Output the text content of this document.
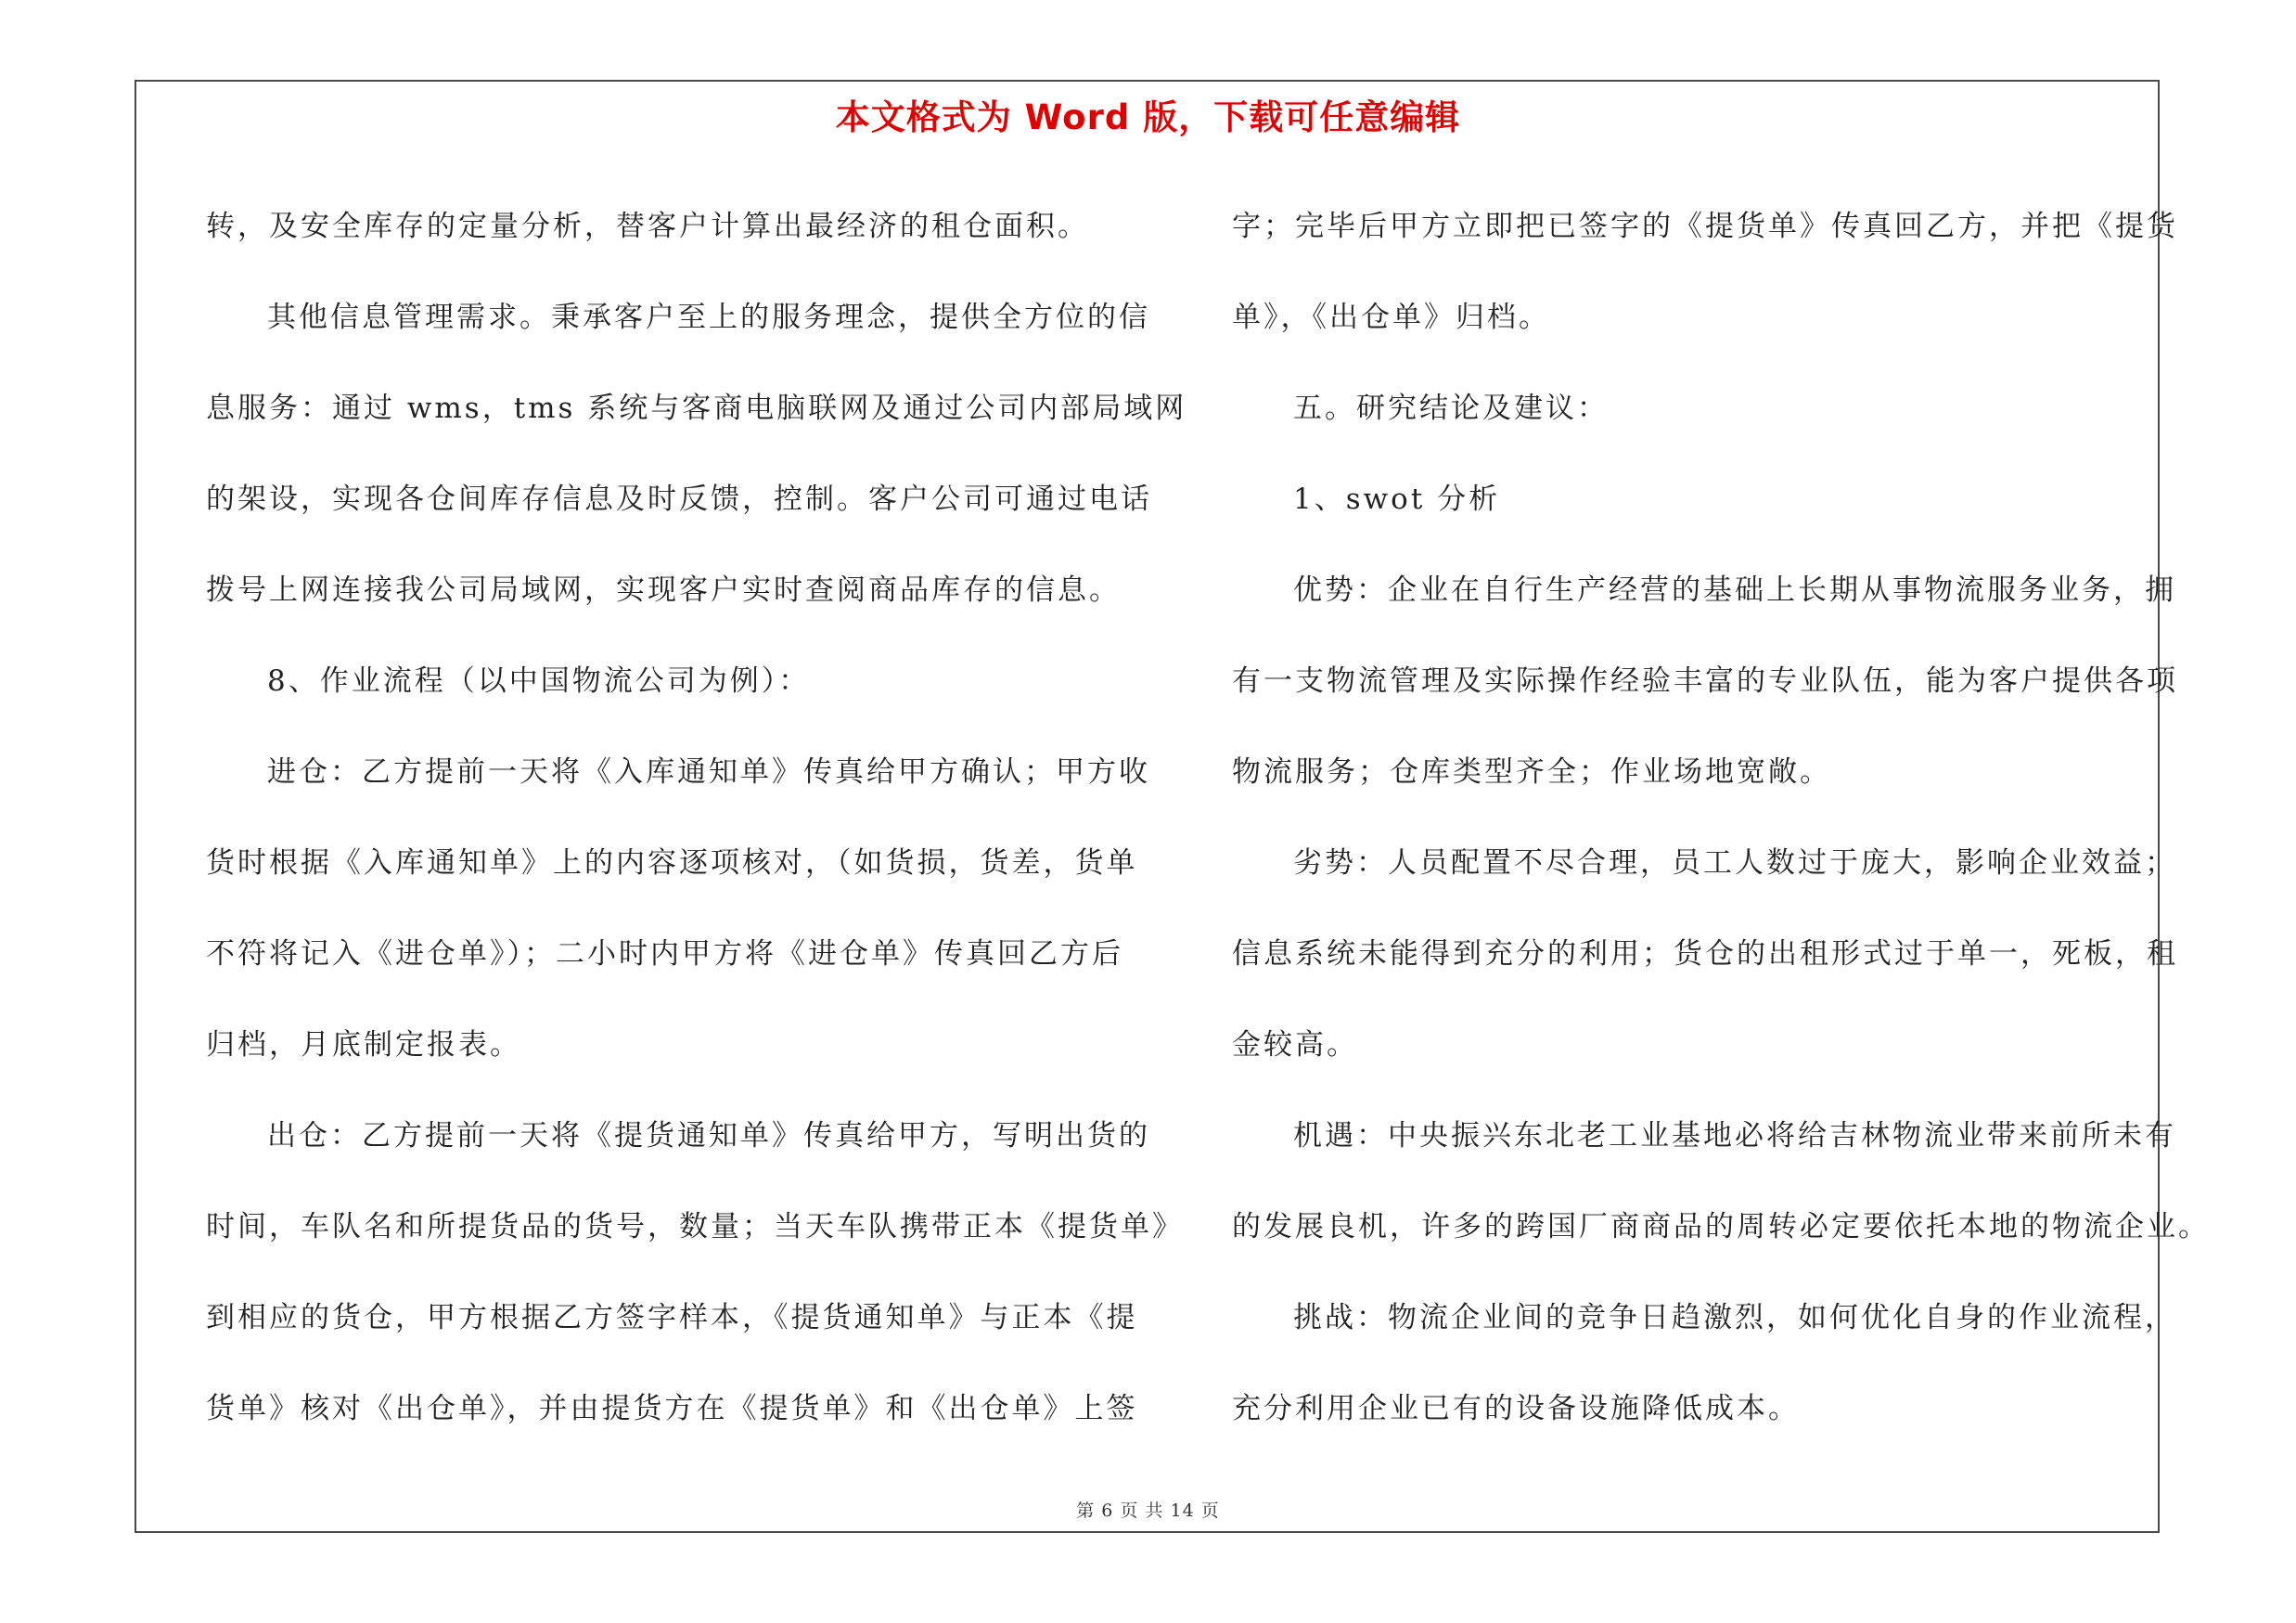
本文格式为 Word 版，下载可任意编辑

转，及安全库存的定量分析，替客户计算出最经济的租仓面积。

其他信息管理需求。秉承客户至上的服务理念，提供全方位的信

息服务：通过 wms，tms 系统与客商电脑联网及通过公司内部局域网

的架设，实现各仓间库存信息及时反馈，控制。客户公司可通过电话

拨号上网连接我公司局域网，实现客户实时查阅商品库存的信息。

8、作业流程（以中国物流公司为例）：

进仓：乙方提前一天将《入库通知单》传真给甲方确认；甲方收

货时根据《入库通知单》上的内容逐项核对，（如货损，货差，货单

不符将记入《进仓单》）；二小时内甲方将《进仓单》传真回乙方后

归档，月底制定报表。

出仓：乙方提前一天将《提货通知单》传真给甲方，写明出货的

时间，车队名和所提货品的货号，数量；当天车队携带正本《提货单》

到相应的货仓，甲方根据乙方签字样本，《提货通知单》与正本《提

货单》核对《出仓单》，并由提货方在《提货单》和《出仓单》上签

字；完毕后甲方立即把已签字的《提货单》传真回乙方，并把《提货

单》，《出仓单》归档。

五。研究结论及建议：

1、swot 分析

优势：企业在自行生产经营的基础上长期从事物流服务业务，拥

有一支物流管理及实际操作经验丰富的专业队伍，能为客户提供各项

物流服务；仓库类型齐全；作业场地宽敞。

劣势：人员配置不尽合理，员工人数过于庞大，影响企业效益；

信息系统未能得到充分的利用；货仓的出租形式过于单一，死板，租

金较高。

机遇：中央振兴东北老工业基地必将给吉林物流业带来前所未有

的发展良机，许多的跨国厂商商品的周转必定要依托本地的物流企业。

挑战：物流企业间的竞争日趋激烈，如何优化自身的作业流程，

充分利用企业已有的设备设施降低成本。

第 6 页 共 14 页
